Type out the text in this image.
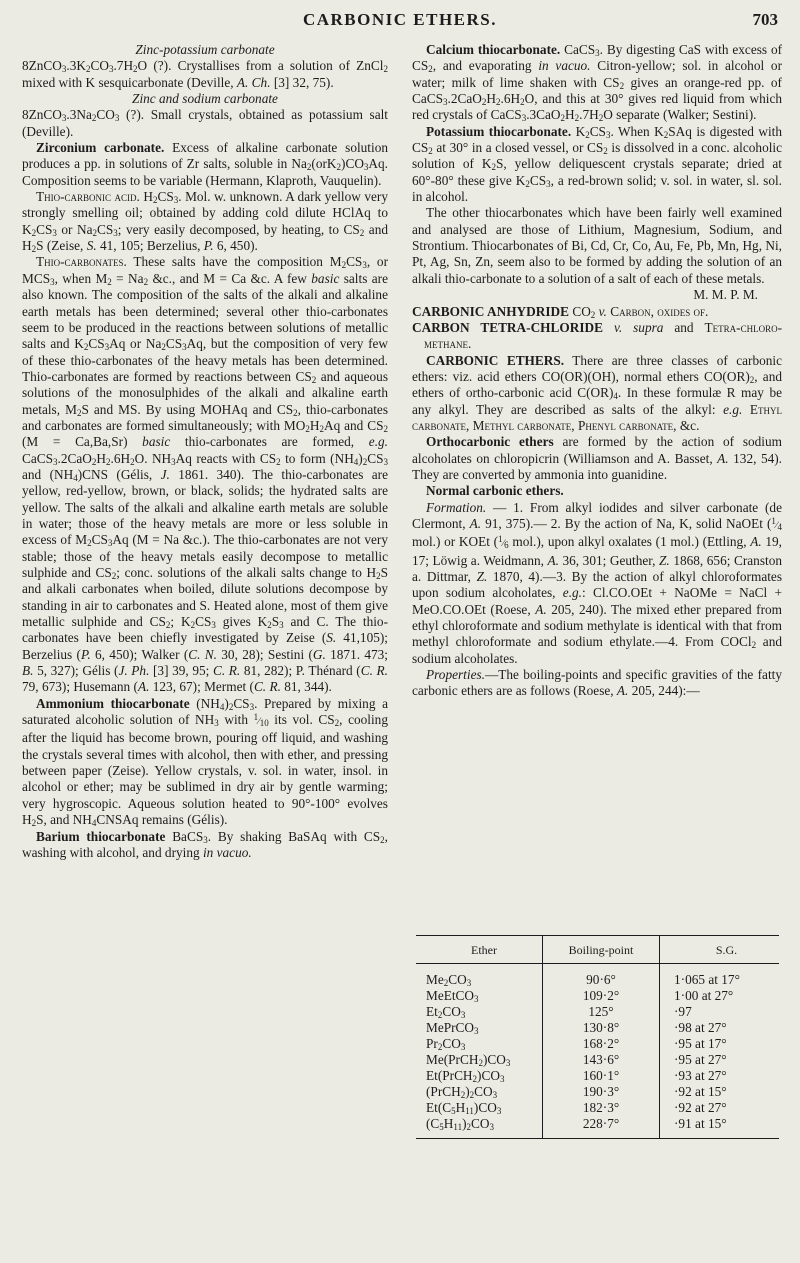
CARBONIC ETHERS.	703

Zinc-potassium carbonate

$8ZnCO_3.3K_2CO_3.7H_2O$ (?). Crystallises from a solution of ZnCl$_2$ mixed with K sesquicarbonate (Deville, A. Ch. [3] 32, 75).

Zinc and sodium carbonate

$8ZnCO_3.3Na_2CO_3$ (?). Small crystals, obtained as potassium salt (Deville).

Zirconium carbonate. Excess of alkaline carbonate solution produces a pp. in solutions of Zr salts, soluble in $Na_2(orK_2)CO_3Aq$. Composition seems to be variable (Hermann, Klaproth, Vauquelin).

Thio-carbonic acid. $H_2CS_3$. Mol. w. unknown. A dark yellow very strongly smelling oil; obtained by adding cold dilute HClAq to $K_2CS_3$ or $Na_2CS_3$; very easily decomposed, by heating, to $CS_2$ and $H_2S$ (Zeise, S. 41, 105; Berzelius, P. 6, 450).

Thio-carbonates. These salts have the composition $M_2CS_3$, or $MCS_3$, when $M_2 = Na_2$ &c., and M = Ca &c. A few basic salts are also known. The composition of the salts of the alkali and alkaline earth metals has been determined; several other thio-carbonates seem to be produced in the reactions between solutions of metallic salts and $K_2CS_3Aq$ or $Na_2CS_3Aq$, but the composition of very few of these thio-carbonates of the heavy metals has been determined. Thio-carbonates are formed by reactions between $CS_2$ and aqueous solutions of the monosulphides of the alkali and alkaline earth metals, $M_2S$ and MS. By using MOHAq and $CS_2$, thio-carbonates and carbonates are formed simultaneously; with $MO_2H_2Aq$ and $CS_2$ (M = Ca,Ba,Sr) basic thio-carbonates are formed, e.g. $CaCS_3.2CaO_2H_2.6H_2O$. $NH_3Aq$ reacts with $CS_2$ to form $(NH_4)_2CS_3$ and $(NH_4)CNS$ (Gélis, J. 1861. 340). The thio-carbonates are yellow, red-yellow, brown, or black, solids; the hydrated salts are yellow. The salts of the alkali and alkaline earth metals are soluble in water; those of the heavy metals are more or less soluble in excess of $M_2CS_3Aq$ (M = Na &c.). The thio-carbonates are not very stable; those of the heavy metals easily decompose to metallic sulphide and $CS_2$; conc. solutions of the alkali salts change to $H_2S$ and alkali carbonates when boiled, dilute solutions decompose by standing in air to carbonates and S. Heated alone, most of them give metallic sulphide and $CS_2$; $K_2CS_3$ gives $K_2S_3$ and C. The thio-carbonates have been chiefly investigated by Zeise (S. 41,105); Berzelius (P. 6, 450); Walker (C. N. 30, 28); Sestini (G. 1871. 473; B. 5, 327); Gélis (J. Ph. [3] 39, 95; C. R. 81, 282); P. Thénard (C. R. 79, 673); Husemann (A. 123, 67); Mermet (C. R. 81, 344).

Ammonium thiocarbonate $(NH_4)_2CS_3$. Prepared by mixing a saturated alcoholic solution of $NH_3$ with $^1⁄_{10}$ its vol. $CS_2$, cooling after the liquid has become brown, pouring off liquid, and washing the crystals several times with alcohol, then with ether, and pressing between paper (Zeise). Yellow crystals, v. sol. in water, insol. in alcohol or ether; may be sublimed in dry air by gentle warming; very hygroscopic. Aqueous solution heated to 90°-100° evolves $H_2S$, and $NH_4CNSAq$ remains (Gélis).

Barium thiocarbonate BaCS$_3$. By shaking BaSAq with $CS_2$, washing with alcohol, and drying in vacuo.

Calcium thiocarbonate. CaCS$_3$. By digesting CaS with excess of $CS_2$, and evaporating in vacuo. Citron-yellow; sol. in alcohol or water; milk of lime shaken with $CS_2$ gives an orange-red pp. of $CaCS_3.2CaO_2H_2.6H_2O$, and this at 30° gives red liquid from which red crystals of $CaCS_3.3CaO_2H_2.7H_2O$ separate (Walker; Sestini).

Potassium thiocarbonate. $K_2CS_3$. When $K_2SAq$ is digested with $CS_2$ at 30° in a closed vessel, or $CS_2$ is dissolved in a conc. alcoholic solution of $K_2S$, yellow deliquescent crystals separate; dried at 60°-80° these give $K_2CS_3$, a red-brown solid; v. sol. in water, sl. sol. in alcohol.

The other thiocarbonates which have been fairly well examined and analysed are those of Lithium, Magnesium, Sodium, and Strontium. Thiocarbonates of Bi, Cd, Cr, Co, Au, Fe, Pb, Mn, Hg, Ni, Pt, Ag, Sn, Zn, seem also to be formed by adding the solution of an alkali thio-carbonate to a solution of a salt of each of these metals.

M. M. P. M.

CARBONIC ANHYDRIDE $CO_2$ v. Carbon, oxides of.

CARBON TETRA-CHLORIDE v. supra and Tetra-chloro-methane.

CARBONIC ETHERS. There are three classes of carbonic ethers: viz. acid ethers CO(OR)(OH), normal ethers $CO(OR)_2$, and ethers of ortho-carbonic acid $C(OR)_4$. In these formulæ R may be any alkyl. They are described as salts of the alkyl: e.g. Ethyl carbonate, Methyl carbonate, Phenyl carbonate, &c.

Orthocarbonic ethers are formed by the action of sodium alcoholates on chloropicrin (Williamson and A. Basset, A. 132, 54). They are converted by ammonia into guanidine.

Normal carbonic ethers.

Formation. — 1. From alkyl iodides and silver carbonate (de Clermont, A. 91, 375).— 2. By the action of Na, K, solid NaOEt ($^1⁄_4$ mol.) or KOEt ($^1⁄_6$ mol.), upon alkyl oxalates (1 mol.) (Ettling, A. 19, 17; Löwig a. Weidmann, A. 36, 301; Geuther, Z. 1868, 656; Cranston a. Dittmar, Z. 1870, 4).—3. By the action of alkyl chloroformates upon sodium alcoholates, e.g.: Cl.CO.OEt + NaOMe = NaCl + MeO.CO.OEt (Roese, A. 205, 240). The mixed ether prepared from ethyl chloroformate and sodium methylate is identical with that from methyl chloroformate and sodium ethylate.—4. From COCl$_2$ and sodium alcoholates.

Properties.—The boiling-points and specific gravities of the fatty carbonic ethers are as follows (Roese, A. 205, 244):—

Ether	Boiling-point	S.G.
$Me_2CO_3$	90·6°	1·065 at 17°
MeEtCO$_3$	109·2°	1·00 at 27°
$Et_2CO_3$	125°	·97
MePrCO$_3$	130·8°	·98 at 27°
$Pr_2CO_3$	168·2°	·95 at 17°
$Me(PrCH_2)CO_3$	143·6°	·95 at 27°
$Et(PrCH_2)CO_3$	160·1°	·93 at 27°
$(PrCH_2)_2CO_3$	190·3°	·92 at 15°
$Et(C_5H_{11})CO_3$	182·3°	·92 at 27°
$(C_5H_{11})_2CO_3$	228·7°	·91 at 15°
